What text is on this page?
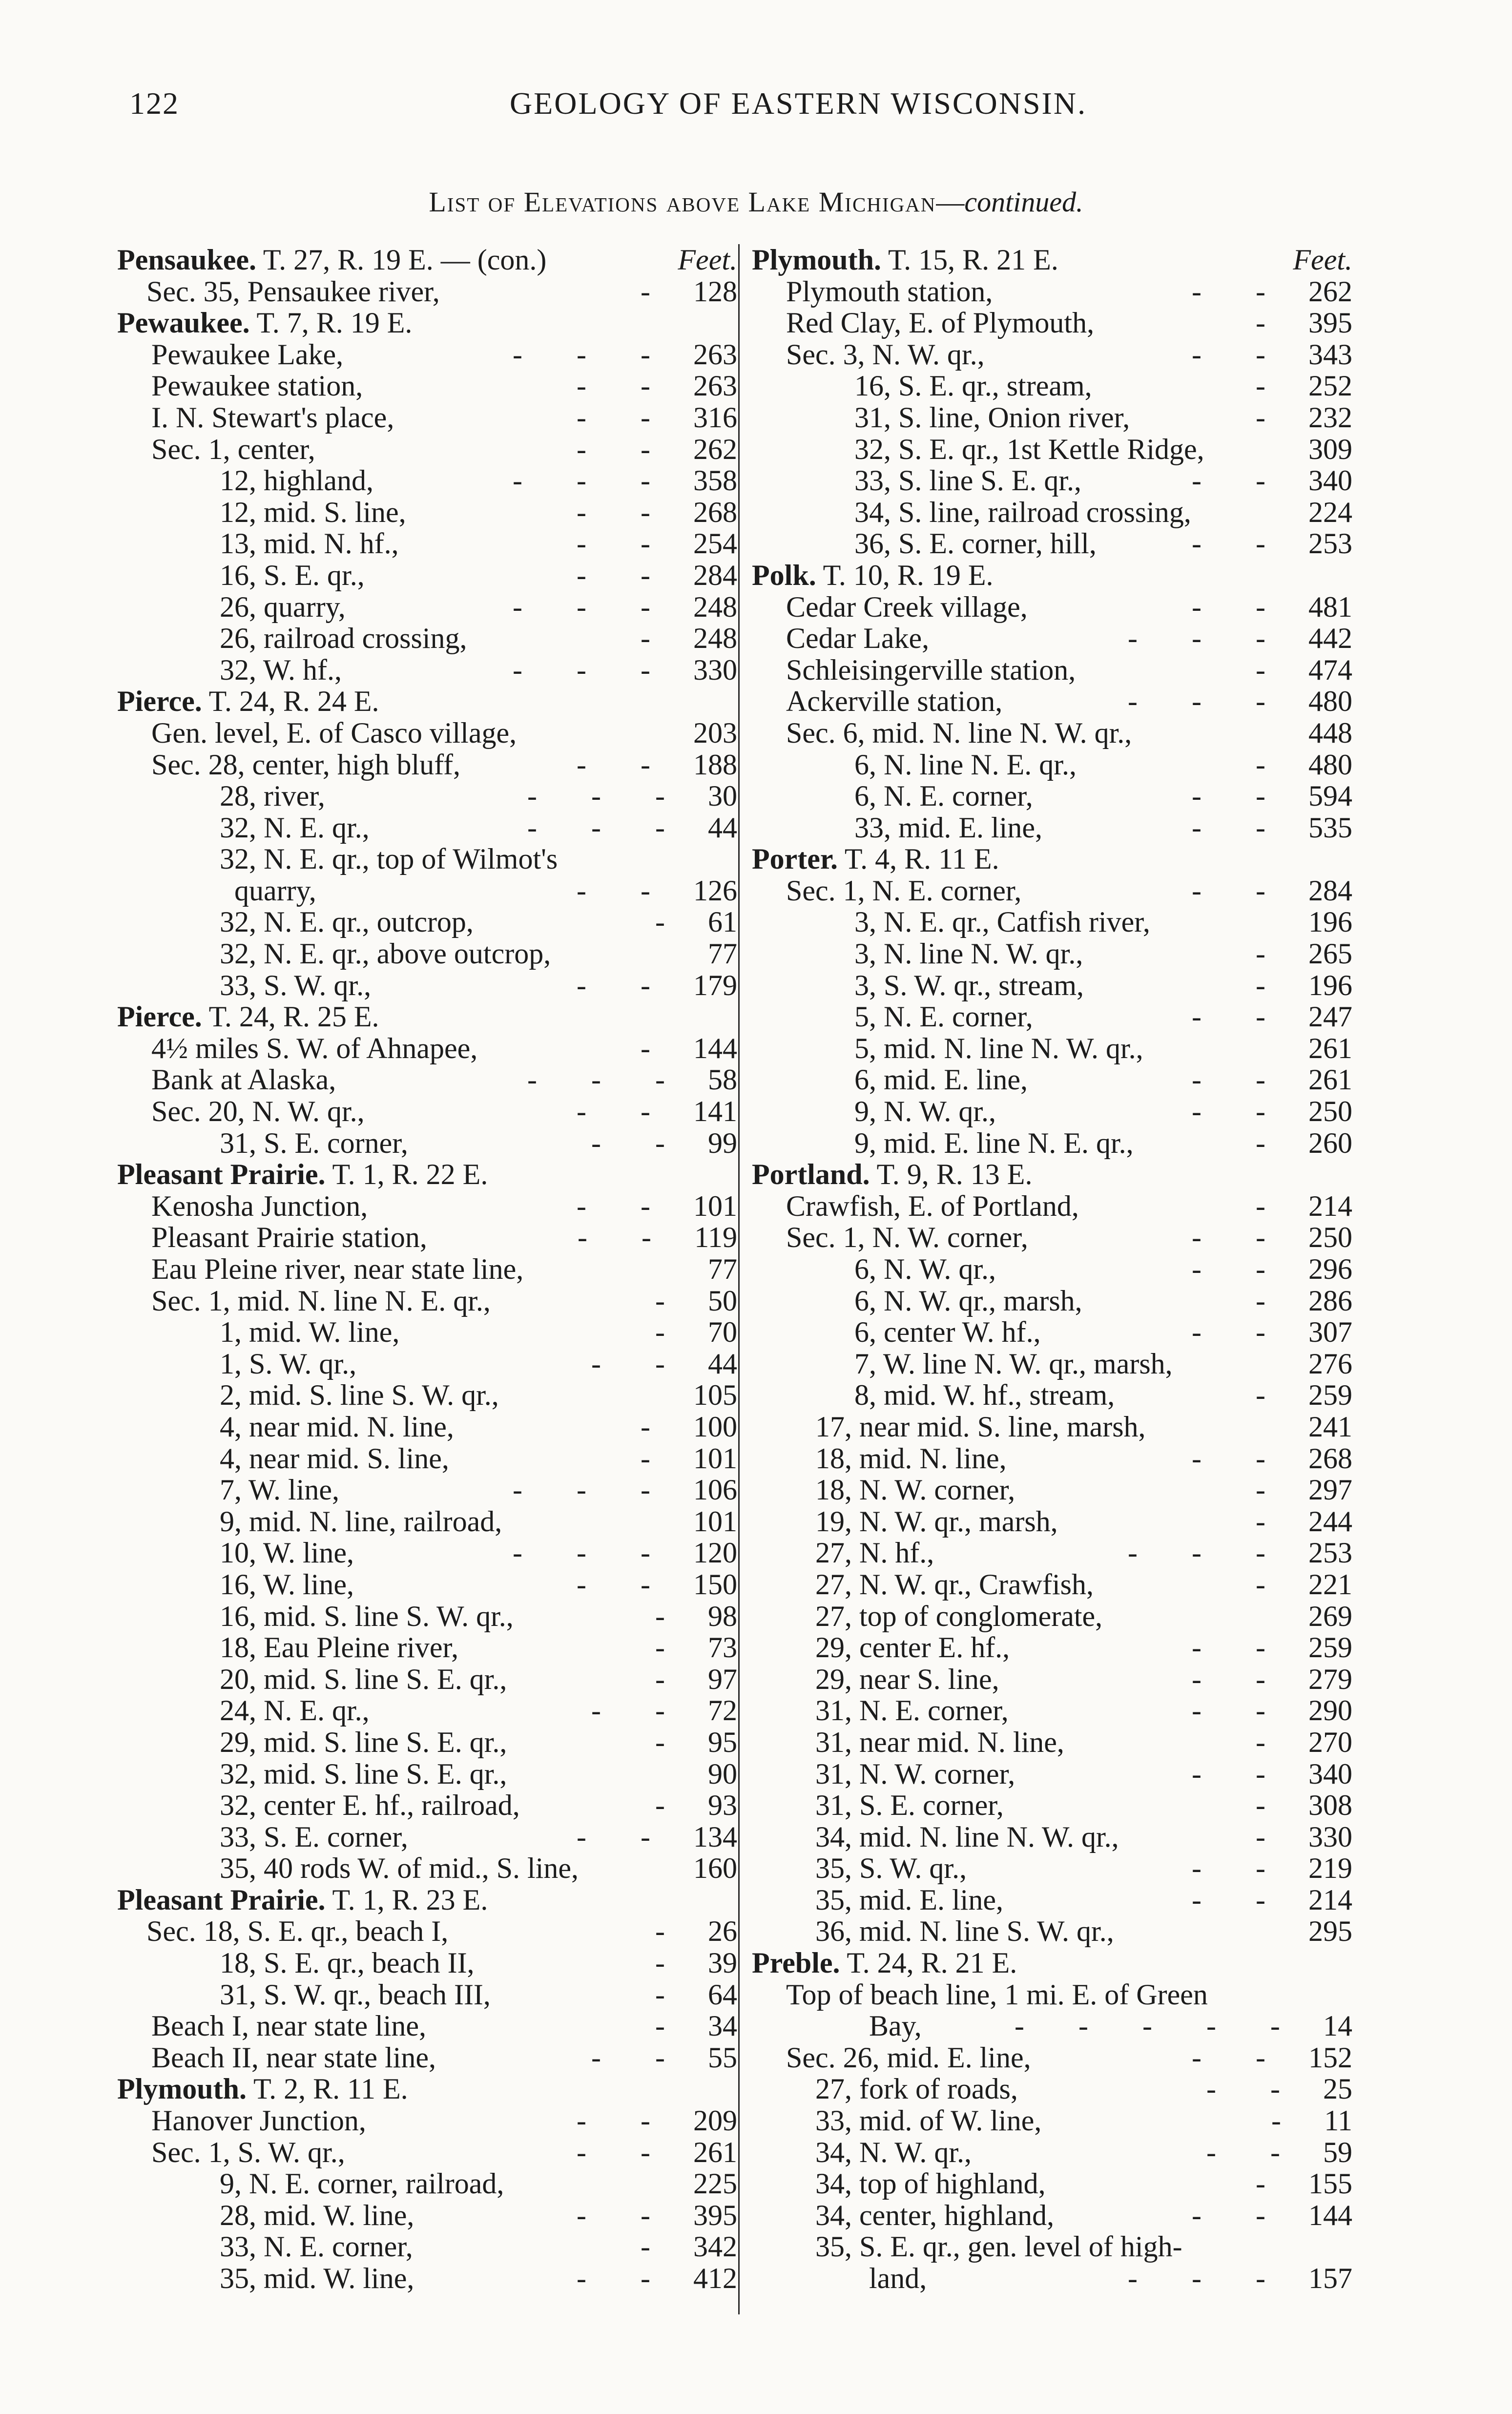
122	GEOLOGY OF EASTERN WISCONSIN.
List of Elevations above Lake Michigan—continued.
Pensaukee. T. 27, R. 19 E. — (con.)	Feet.
Sec. 35, Pensaukee river,	- 128
Pewaukee. T. 7, R. 19 E.
Pewaukee Lake,	- - - 263
Pewaukee station,	- - 263
I. N. Stewart's place,	- - 316
Sec. 1, center,	- - 262
12, highland,	- - - 358
12, mid. S. line,	- - 268
13, mid. N. hf.,	- - 254
16, S. E. qr.,	- - 284
26, quarry,	- - - 248
26, railroad crossing,	- 248
32, W. hf.,	- - - 330
Pierce. T. 24, R. 24 E.
Gen. level, E. of Casco village,	203
Sec. 28, center, high bluff,	- - 188
28, river,	- - - 30
32, N. E. qr.,	- - - 44
32, N. E. qr., top of Wilmot's
quarry,	- - 126
32, N. E. qr., outcrop,	- 61
32, N. E. qr., above outcrop,	77
33, S. W. qr.,	- - 179
Pierce. T. 24, R. 25 E.
4½ miles S. W. of Ahnapee,	- 144
Bank at Alaska,	- - - 58
Sec. 20, N. W. qr.,	- - 141
31, S. E. corner,	- - 99
Pleasant Prairie. T. 1, R. 22 E.
Kenosha Junction,	- - 101
Pleasant Prairie station,	- - 119
Eau Pleine river, near state line,	77
Sec. 1, mid. N. line N. E. qr.,	- 50
1, mid. W. line,	- 70
1, S. W. qr.,	- - 44
2, mid. S. line S. W. qr.,	105
4, near mid. N. line,	- 100
4, near mid. S. line,	- 101
7, W. line,	- - - 106
9, mid. N. line, railroad,	101
10, W. line,	- - - 120
16, W. line,	- - 150
16, mid. S. line S. W. qr.,	- 98
18, Eau Pleine river,	- 73
20, mid. S. line S. E. qr.,	- 97
24, N. E. qr.,	- - 72
29, mid. S. line S. E. qr.,	- 95
32, mid. S. line S. E. qr.,	90
32, center E. hf., railroad,	- 93
33, S. E. corner,	- - 134
35, 40 rods W. of mid., S. line,	160
Pleasant Prairie. T. 1, R. 23 E.
Sec. 18, S. E. qr., beach I,	- 26
18, S. E. qr., beach II,	- 39
31, S. W. qr., beach III,	- 64
Beach I, near state line,	- 34
Beach II, near state line,	- - 55
Plymouth. T. 2, R. 11 E.
Hanover Junction,	- - 209
Sec. 1, S. W. qr.,	- - 261
9, N. E. corner, railroad,	225
28, mid. W. line,	- - 395
33, N. E. corner,	- 342
35, mid. W. line,	- - 412
Plymouth. T. 15, R. 21 E.	Feet.
Plymouth station,	- - 262
Red Clay, E. of Plymouth,	- 395
Sec. 3, N. W. qr.,	- - 343
16, S. E. qr., stream,	- 252
31, S. line, Onion river,	- 232
32, S. E. qr., 1st Kettle Ridge,	309
33, S. line S. E. qr.,	- - 340
34, S. line, railroad crossing,	224
36, S. E. corner, hill,	- - 253
Polk. T. 10, R. 19 E.
Cedar Creek village,	- - 481
Cedar Lake,	- - - 442
Schleisingerville station,	- 474
Ackerville station,	- - - 480
Sec. 6, mid. N. line N. W. qr.,	448
6, N. line N. E. qr.,	- 480
6, N. E. corner,	- - 594
33, mid. E. line,	- - 535
Porter. T. 4, R. 11 E.
Sec. 1, N. E. corner,	- - 284
3, N. E. qr., Catfish river,	196
3, N. line N. W. qr.,	- 265
3, S. W. qr., stream,	- 196
5, N. E. corner,	- - 247
5, mid. N. line N. W. qr.,	261
6, mid. E. line,	- - 261
9, N. W. qr.,	- - 250
9, mid. E. line N. E. qr.,	- 260
Portland. T. 9, R. 13 E.
Crawfish, E. of Portland,	- 214
Sec. 1, N. W. corner,	- - 250
6, N. W. qr.,	- - 296
6, N. W. qr., marsh,	- 286
6, center W. hf.,	- - 307
7, W. line N. W. qr., marsh,	276
8, mid. W. hf., stream,	- 259
17, near mid. S. line, marsh,	241
18, mid. N. line,	- - 268
18, N. W. corner,	- 297
19, N. W. qr., marsh,	- 244
27, N. hf.,	- - - 253
27, N. W. qr., Crawfish,	- 221
27, top of conglomerate,	269
29, center E. hf.,	- - 259
29, near S. line,	- - 279
31, N. E. corner,	- - 290
31, near mid. N. line,	- 270
31, N. W. corner,	- - 340
31, S. E. corner,	- 308
34, mid. N. line N. W. qr.,	- 330
35, S. W. qr.,	- - 219
35, mid. E. line,	- - 214
36, mid. N. line S. W. qr.,	295
Preble. T. 24, R. 21 E.
Top of beach line, 1 mi. E. of Green
Bay,	- - - - - 14
Sec. 26, mid. E. line,	- - 152
27, fork of roads,	- - 25
33, mid. of W. line,	- 11
34, N. W. qr.,	- - 59
34, top of highland,	- 155
34, center, highland,	- - 144
35, S. E. qr., gen. level of high-
land,	- - - 157
